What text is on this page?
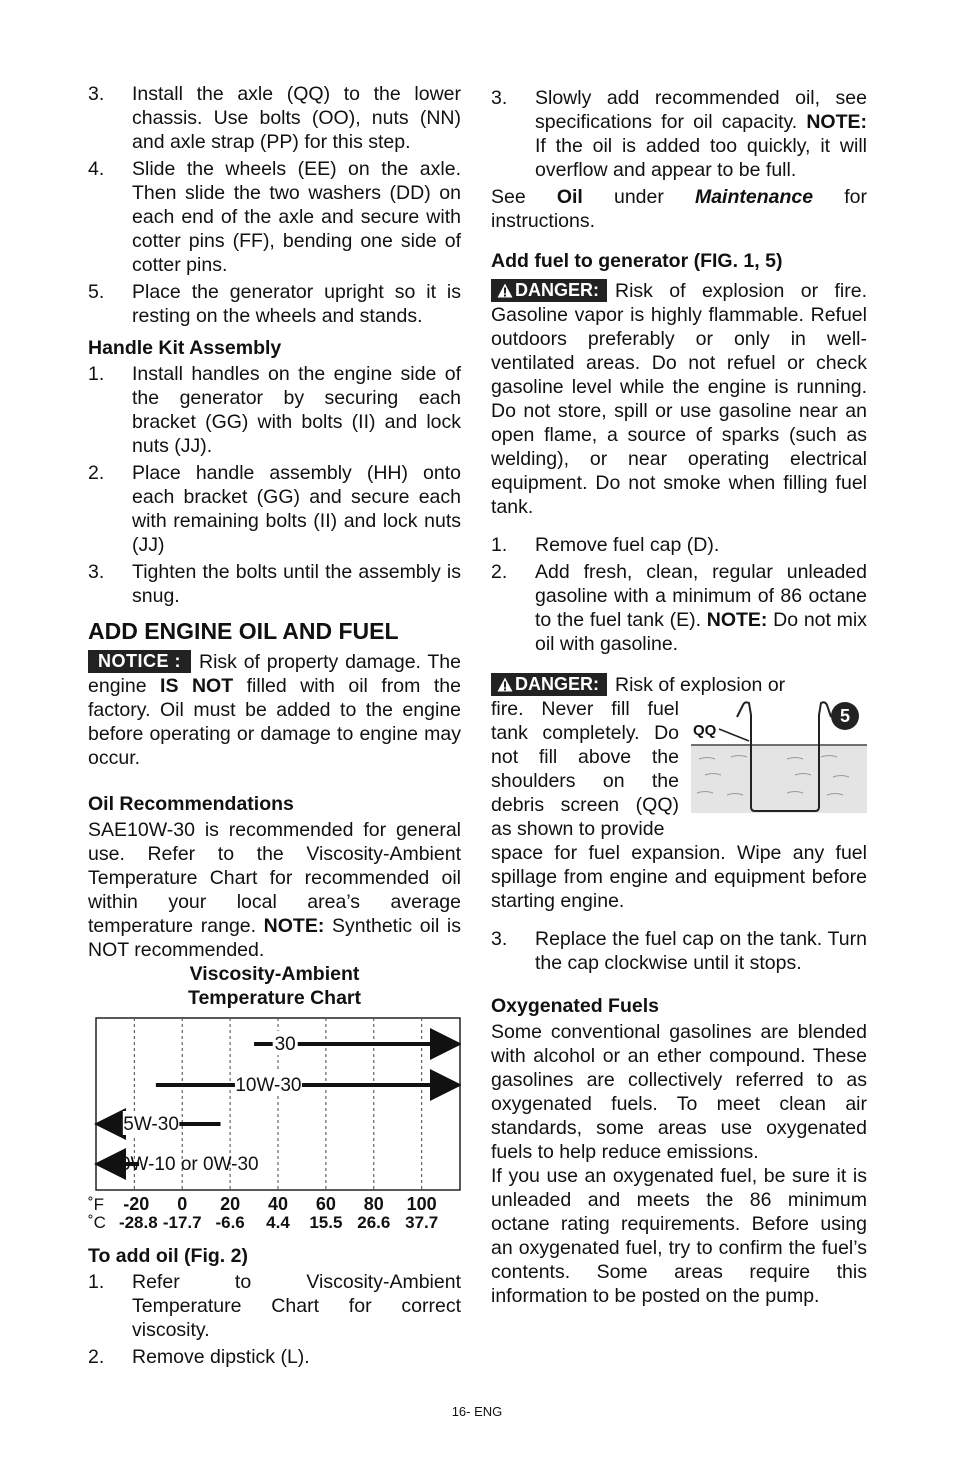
3. Install the axle (QQ) to the lower chassis. Use bolts (OO), nuts (NN) and axle strap (PP) for this step.
4. Slide the wheels (EE) on the axle. Then slide the two washers (DD) on each end of the axle and secure with cotter pins (FF), bending one side of cotter pins.
5. Place the generator upright so it is resting on the wheels and stands.
Handle Kit Assembly
1. Install handles on the engine side of the generator by securing each bracket (GG) with bolts (II) and lock nuts (JJ).
2. Place handle assembly (HH) onto each bracket (GG) and secure each with remaining bolts (II) and lock nuts (JJ)
3. Tighten the bolts until the assembly is snug.
ADD ENGINE OIL AND FUEL

NOTICE : Risk of property damage. The engine IS NOT filled with oil from the factory. Oil must be added to the engine before operating or damage to engine may occur.

Oil Recommendations

SAE10W-30 is recommended for general use. Refer to the Viscosity-Ambient Temperature Chart for recommended oil within your local area’s average temperature range. NOTE: Synthetic oil is NOT recommended.

Viscosity-Ambient
Temperature Chart
30
10W-30
5W-30
0W-10 or 0W-30
˚F
˚C
-20 0 20 40 60 80 100
-28.8 -17.7 -6.6 4.4 15.5 26.6 37.7
To add oil (Fig. 2)
1. Refer to Viscosity-Ambient Temperature Chart for correct viscosity.
2. Remove dipstick (L).
3. Slowly add recommended oil, see specifications for oil capacity. NOTE: If the oil is added too quickly, it will overflow and appear to be full.

See Oil under Maintenance for instructions.

Add fuel to generator (FIG. 1, 5)

DANGER: Risk of explosion or fire. Gasoline vapor is highly flammable. Refuel outdoors preferably or only in well-ventilated areas. Do not refuel or check gasoline level while the engine is running. Do not store, spill or use gasoline near an open flame, a source of sparks (such as welding), or near operating electrical equipment. Do not smoke when filling fuel tank.

1. Remove fuel cap (D).
2. Add fresh, clean, regular unleaded gasoline with a minimum of 86 octane to the fuel tank (E). NOTE: Do not mix oil with gasoline.

DANGER: Risk of explosion or

fire. Never fill fuel tank completely. Do not fill above the shoulders on the debris screen (QQ) as shown to provide

QQ
5

space for fuel expansion. Wipe any fuel spillage from engine and equipment before starting engine.

3. Replace the fuel cap on the tank. Turn the cap clockwise until it stops.
Oxygenated Fuels

Some conventional gasolines are blended with alcohol or an ether compound. These gasolines are collectively referred to as oxygenated fuels. To meet clean air standards, some areas use oxygenated fuels to help reduce emissions.

If you use an oxygenated fuel, be sure it is unleaded and meets the 86 minimum octane rating requirements. Before using an oxygenated fuel, try to confirm the fuel’s contents. Some areas require this information to be posted on the pump.

16- ENG
